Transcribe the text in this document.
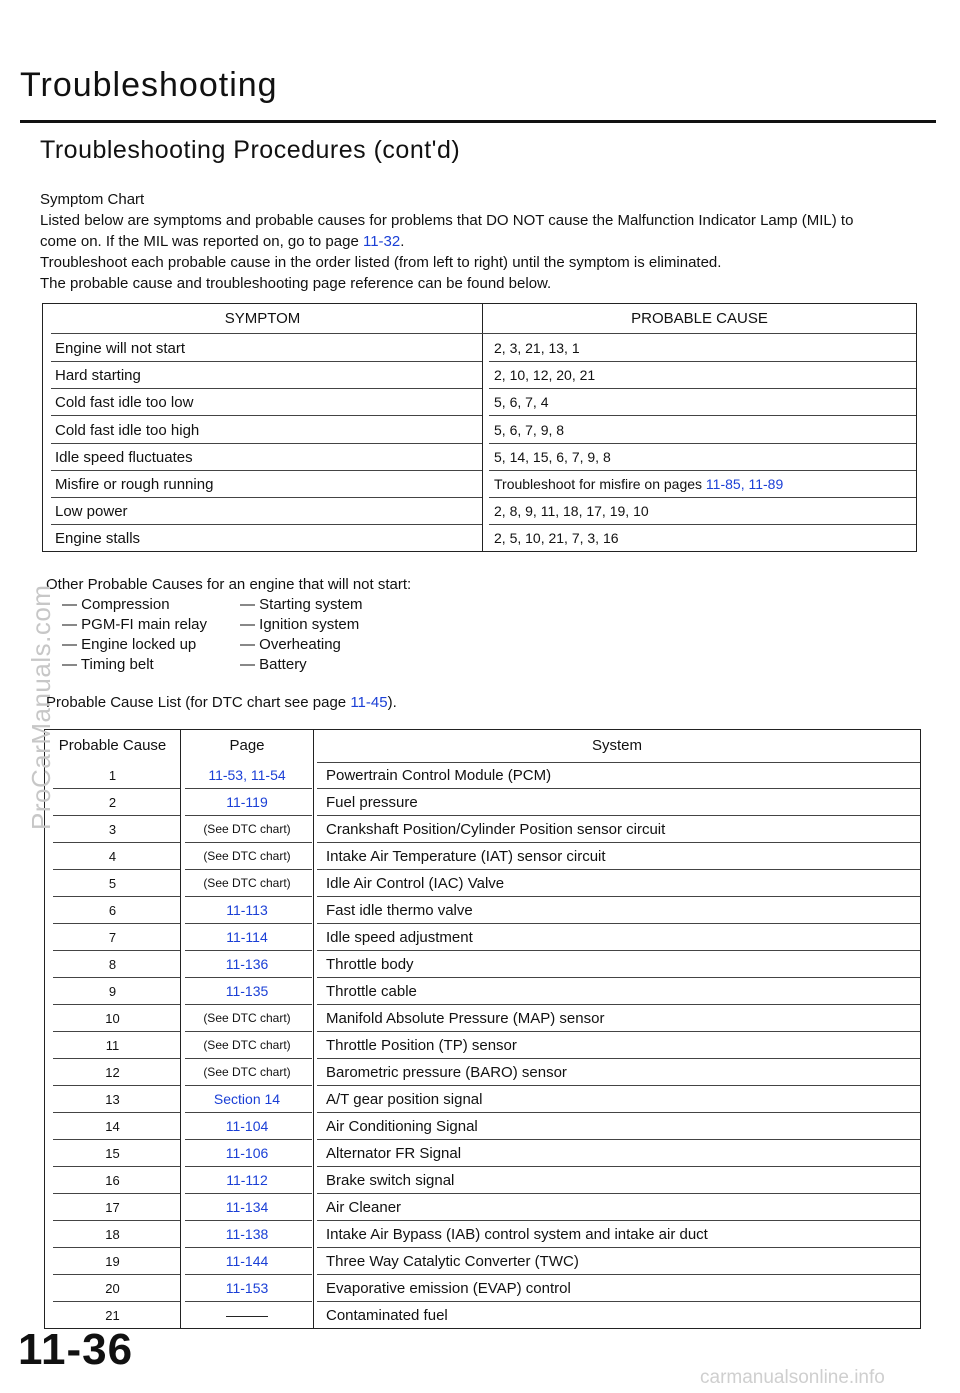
Troubleshooting
Troubleshooting Procedures (cont'd)

Symptom Chart

Listed below are symptoms and probable causes for problems that DO NOT cause the Malfunction Indicator Lamp (MIL) to

come on. If the MIL was reported on, go to page 11-32.

Troubleshoot each probable cause in the order listed (from left to right) until the symptom is eliminated.

The probable cause and troubleshooting page reference can be found below.

SYMPTOM	PROBABLE CAUSE
Engine will not start	2, 3, 21, 13, 1
Hard starting	2, 10, 12, 20, 21
Cold fast idle too low	5, 6, 7, 4
Cold fast idle too high	5, 6, 7, 9, 8
Idle speed fluctuates	5, 14, 15, 6, 7, 9, 8
Misfire or rough running	Troubleshoot for misfire on pages 11-85, 11-89
Low power	2, 8, 9, 11, 18, 17, 19, 10
Engine stalls	2, 5, 10, 21, 7, 3, 16
Other Probable Causes for an engine that will not start:
— Compression
— PGM-FI main relay
— Engine locked up
— Timing belt
— Starting system
— Ignition system
— Overheating
— Battery
Probable Cause List (for DTC chart see page 11-45).
Probable Cause	Page	System
1	11-53, 11-54	Powertrain Control Module (PCM)
2	11-119	Fuel pressure
3	(See DTC chart)	Crankshaft Position/Cylinder Position sensor circuit
4	(See DTC chart)	Intake Air Temperature (IAT) sensor circuit
5	(See DTC chart)	Idle Air Control (IAC) Valve
6	11-113	Fast idle thermo valve
7	11-114	Idle speed adjustment
8	11-136	Throttle body
9	11-135	Throttle cable
10	(See DTC chart)	Manifold Absolute Pressure (MAP) sensor
11	(See DTC chart)	Throttle Position (TP) sensor
12	(See DTC chart)	Barometric pressure (BARO) sensor
13	Section 14	A/T gear position signal
14	11-104	Air Conditioning Signal
15	11-106	Alternator FR Signal
16	11-112	Brake switch signal
17	11-134	Air Cleaner
18	11-138	Intake Air Bypass (IAB) control system and intake air duct
19	11-144	Three Way Catalytic Converter (TWC)
20	11-153	Evaporative emission (EVAP) control
21	———	Contaminated fuel
11-36
ProCarManuals.com
carmanualsonline.info
